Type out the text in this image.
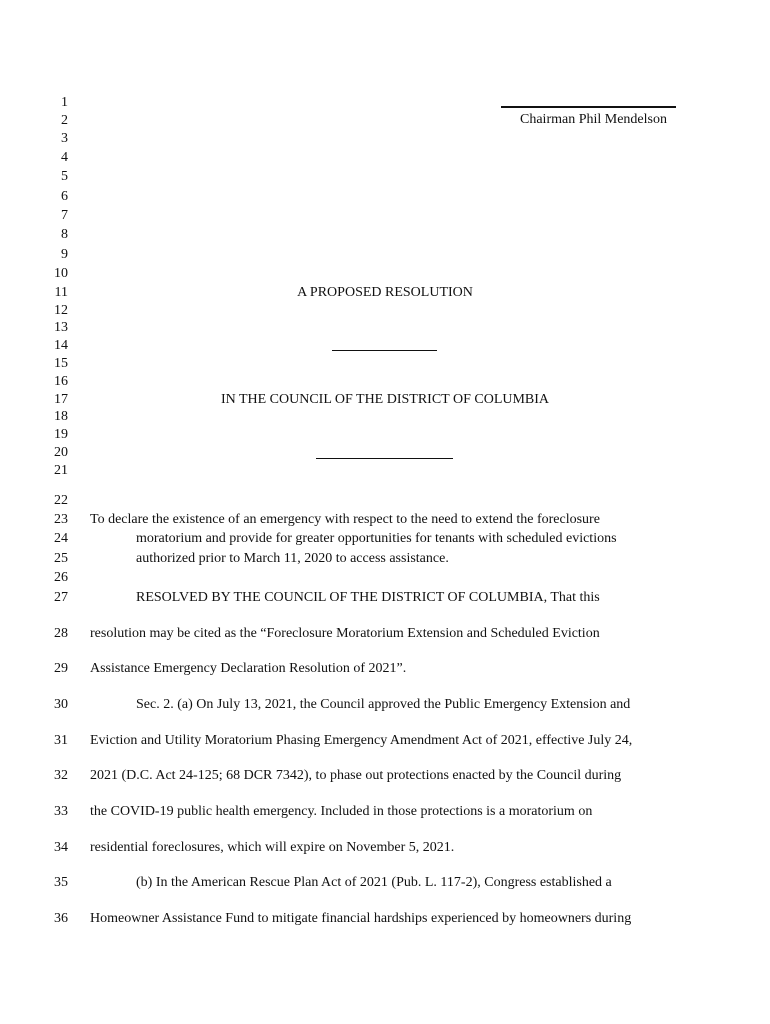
Chairman Phil Mendelson
1
2
3
4
5
6
7
8
9
10
11
12
13
14
15
16
17
18
19
20
21
22
23
24
25
26
27
28
29
30
31
32
33
34
35
36
A PROPOSED RESOLUTION
IN THE COUNCIL OF THE DISTRICT OF COLUMBIA
To declare the existence of an emergency with respect to the need to extend the foreclosure
moratorium and provide for greater opportunities for tenants with scheduled evictions
authorized prior to March 11, 2020 to access assistance.
RESOLVED BY THE COUNCIL OF THE DISTRICT OF COLUMBIA, That this
resolution may be cited as the “Foreclosure Moratorium Extension and Scheduled Eviction
Assistance Emergency Declaration Resolution of 2021”.
Sec. 2. (a) On July 13, 2021, the Council approved the Public Emergency Extension and
Eviction and Utility Moratorium Phasing Emergency Amendment Act of 2021, effective July 24,
2021 (D.C. Act 24-125; 68 DCR 7342), to phase out protections enacted by the Council during
the COVID-19 public health emergency. Included in those protections is a moratorium on
residential foreclosures, which will expire on November 5, 2021.
(b) In the American Rescue Plan Act of 2021 (Pub. L. 117-2), Congress established a
Homeowner Assistance Fund to mitigate financial hardships experienced by homeowners during
